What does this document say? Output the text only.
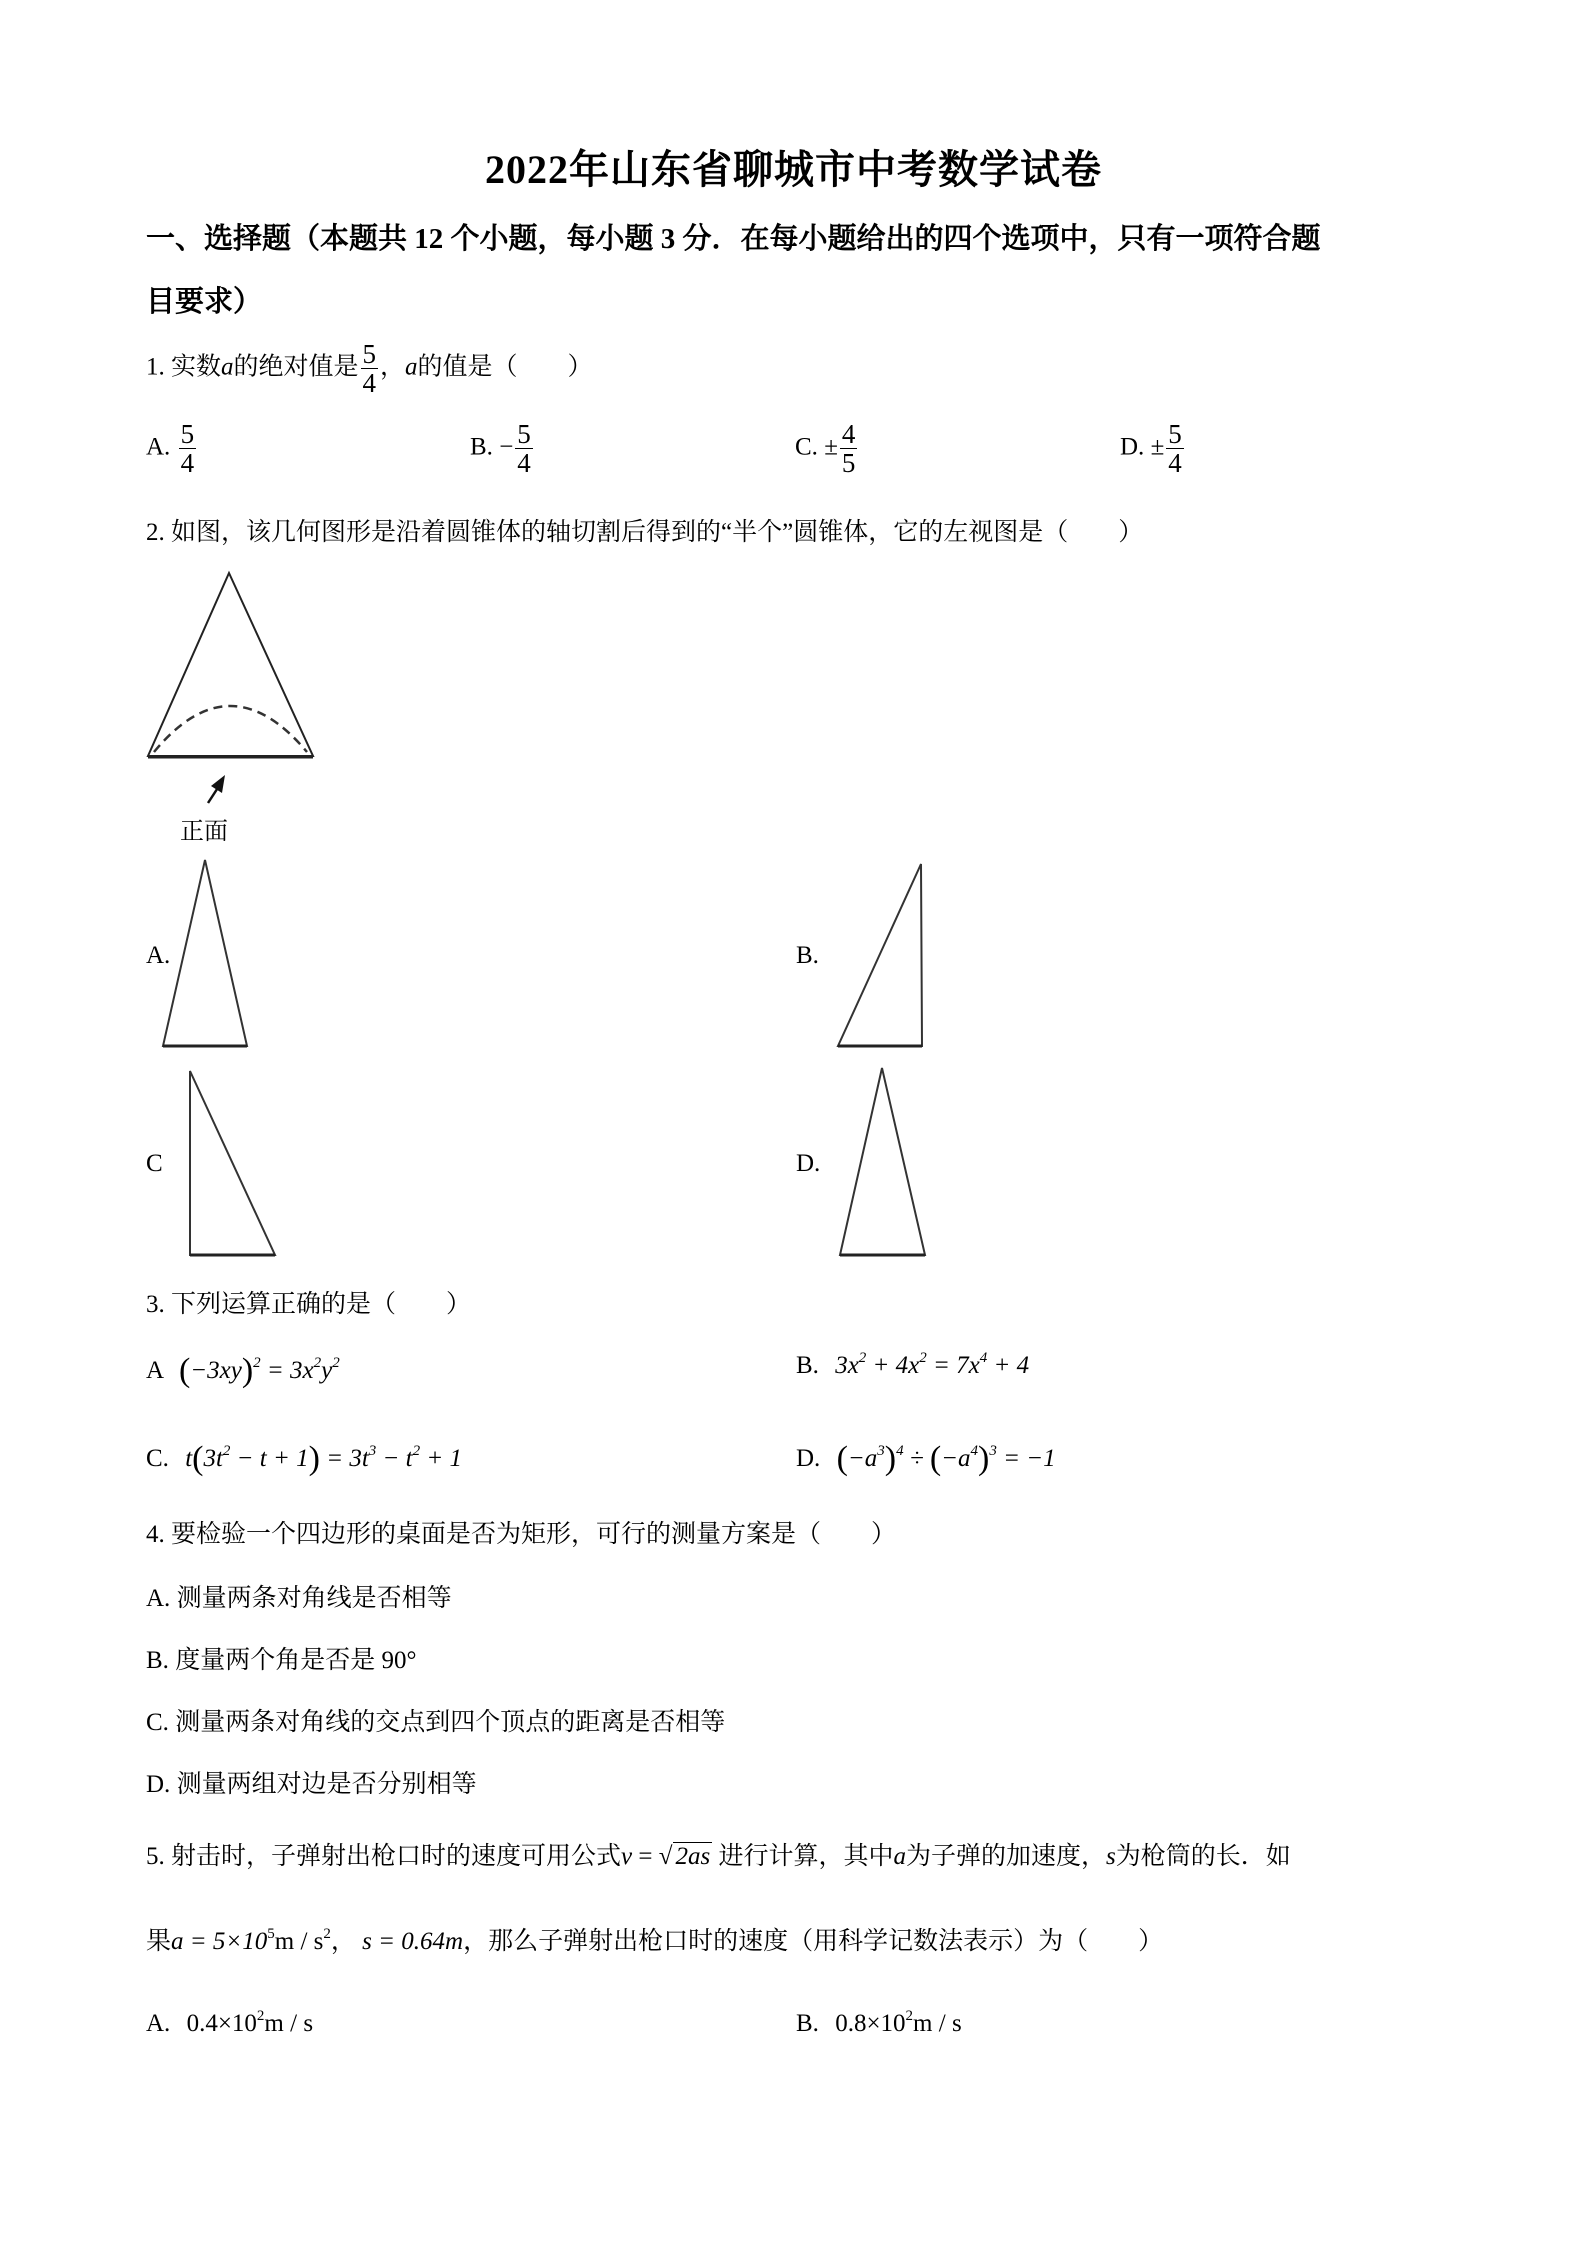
2022年山东省聊城市中考数学试卷
一、选择题（本题共 12 个小题，每小题 3 分．在每小题给出的四个选项中，只有一项符合题
目要求）
1. 实数a的绝对值是 $\frac{5}{4}$ ，a的值是（　　）
A. $\frac{5}{4}$	B. − $\frac{5}{4}$	C. ± $\frac{4}{5}$	D. ± $\frac{5}{4}$
2. 如图，该几何图形是沿着圆锥体的轴切割后得到的“半个”圆锥体，它的左视图是（　　）
正面
A.	B.
C	D.
3. 下列运算正确的是（　　）
A $(-3xy)^2 = 3x^2y^2$	B. $3x^2 + 4x^2 = 7x^4 + 4$
C. $t(3t^2 - t + 1) = 3t^3 - t^2 + 1$	D. $(-a^3)^4 \div (-a^4)^3 = -1$
4. 要检验一个四边形的桌面是否为矩形，可行的测量方案是（　　）
A. 测量两条对角线是否相等
B. 度量两个角是否是 90°
C. 测量两条对角线的交点到四个顶点的距离是否相等
D. 测量两组对边是否分别相等
5. 射击时，子弹射出枪口时的速度可用公式v = √ 2as 进行计算，其中a为子弹的加速度，s为枪筒的长．如
果$a = 5\times 10^5m / s^2$， s = 0.64m，那么子弹射出枪口时的速度（用科学记数法表示）为（　　）
A. $0.4\times 10^2m / s$	B. $0.8\times 10^2m / s$
